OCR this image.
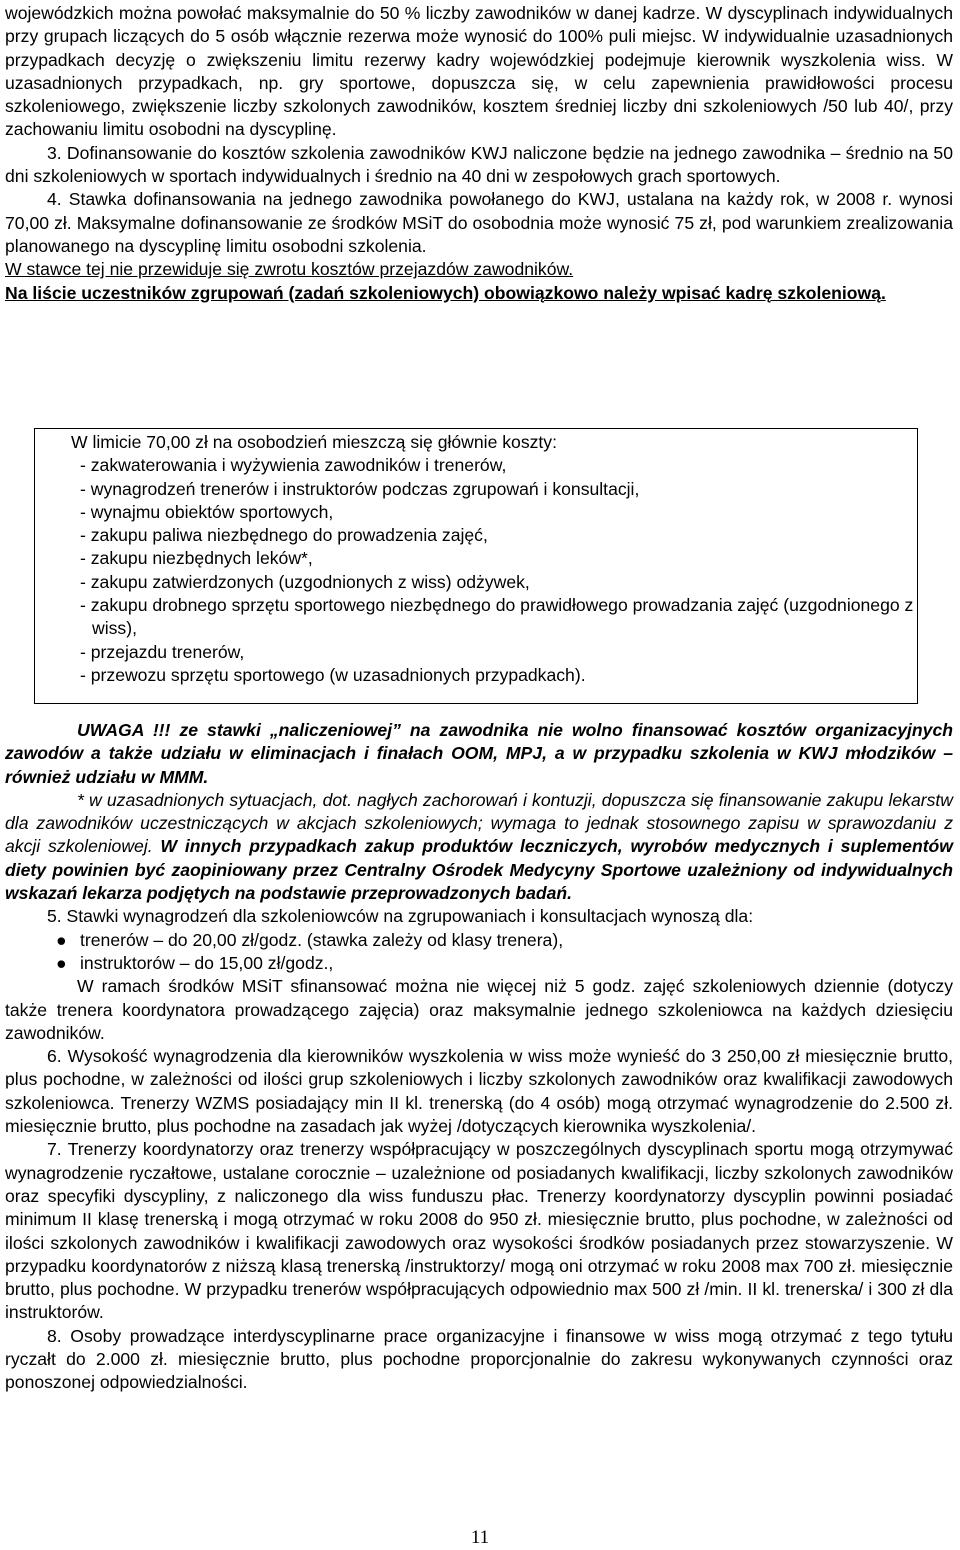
wojewódzkich można powołać maksymalnie do 50 % liczby zawodników w danej kadrze. W dyscyplinach indywidualnych przy grupach liczących do 5 osób włącznie rezerwa może wynosić do 100% puli miejsc. W indywidualnie uzasadnionych przypadkach decyzję o zwiększeniu limitu rezerwy kadry wojewódzkiej podejmuje kierownik wyszkolenia wiss. W uzasadnionych przypadkach, np. gry sportowe, dopuszcza się, w celu zapewnienia prawidłowości procesu szkoleniowego, zwiększenie liczby szkolonych zawodników, kosztem średniej liczby dni szkoleniowych /50 lub 40/, przy zachowaniu limitu osobodni na dyscyplinę.

3. Dofinansowanie do kosztów szkolenia zawodników KWJ naliczone będzie na jednego zawodnika – średnio na 50 dni szkoleniowych w sportach indywidualnych i średnio na 40 dni w zespołowych grach sportowych.

4. Stawka dofinansowania na jednego zawodnika powołanego do KWJ, ustalana na każdy rok, w 2008 r. wynosi 70,00 zł. Maksymalne dofinansowanie ze środków MSiT do osobodnia może wynosić 75 zł, pod warunkiem zrealizowania planowanego na dyscyplinę limitu osobodni szkolenia.

W stawce tej nie przewiduje się zwrotu kosztów przejazdów zawodników.

Na liście uczestników zgrupowań (zadań szkoleniowych) obowiązkowo należy wpisać kadrę szkoleniową.

W limicie 70,00 zł na osobodzień mieszczą się głównie koszty:

- zakwaterowania i wyżywienia zawodników i trenerów,
- wynagrodzeń trenerów i instruktorów podczas zgrupowań i konsultacji,
- wynajmu obiektów sportowych,
- zakupu paliwa niezbędnego do prowadzenia zajęć,
- zakupu niezbędnych leków*,
- zakupu zatwierdzonych (uzgodnionych z wiss) odżywek,
- zakupu drobnego sprzętu sportowego niezbędnego do prawidłowego prowadzania zajęć (uzgodnionego z wiss),
- przejazdu trenerów,
- przewozu sprzętu sportowego (w uzasadnionych przypadkach).

UWAGA !!! ze stawki „naliczeniowej” na zawodnika nie wolno finansować kosztów organizacyjnych zawodów a także udziału w eliminacjach i finałach OOM, MPJ, a w przypadku szkolenia w KWJ młodzików – również udziału w MMM.

* w uzasadnionych sytuacjach, dot. nagłych zachorowań i kontuzji, dopuszcza się finansowanie zakupu lekarstw dla zawodników uczestniczących w akcjach szkoleniowych; wymaga to jednak stosownego zapisu w sprawozdaniu z akcji szkoleniowej. W innych przypadkach zakup produktów leczniczych, wyrobów medycznych i suplementów diety powinien być zaopiniowany przez Centralny Ośrodek Medycyny Sportowe uzależniony od indywidualnych wskazań lekarza podjętych na podstawie przeprowadzonych badań.

5. Stawki wynagrodzeń dla szkoleniowców na zgrupowaniach i konsultacjach wynoszą dla:

● trenerów – do 20,00 zł/godz. (stawka zależy od klasy trenera),
● instruktorów – do 15,00 zł/godz.,

W ramach środków MSiT sfinansować można nie więcej niż 5 godz. zajęć szkoleniowych dziennie (dotyczy także trenera koordynatora prowadzącego zajęcia) oraz maksymalnie jednego szkoleniowca na każdych dziesięciu zawodników.

6. Wysokość wynagrodzenia dla kierowników wyszkolenia w wiss może wynieść do 3 250,00 zł miesięcznie brutto, plus pochodne, w zależności od ilości grup szkoleniowych i liczby szkolonych zawodników oraz kwalifikacji zawodowych szkoleniowca. Trenerzy WZMS posiadający min II kl. trenerską (do 4 osób) mogą otrzymać wynagrodzenie do 2.500 zł. miesięcznie brutto, plus pochodne na zasadach jak wyżej /dotyczących kierownika wyszkolenia/.

7. Trenerzy koordynatorzy oraz trenerzy współpracujący w poszczególnych dyscyplinach sportu mogą otrzymywać wynagrodzenie ryczałtowe, ustalane corocznie – uzależnione od posiadanych kwalifikacji, liczby szkolonych zawodników oraz specyfiki dyscypliny, z naliczonego dla wiss funduszu płac. Trenerzy koordynatorzy dyscyplin powinni posiadać minimum II klasę trenerską i mogą otrzymać w roku 2008 do 950 zł. miesięcznie brutto, plus pochodne, w zależności od ilości szkolonych zawodników i kwalifikacji zawodowych oraz wysokości środków posiadanych przez stowarzyszenie. W przypadku koordynatorów z niższą klasą trenerską /instruktorzy/ mogą oni otrzymać w roku 2008 max 700 zł. miesięcznie brutto, plus pochodne. W przypadku trenerów współpracujących odpowiednio max 500 zł /min. II kl. trenerska/ i 300 zł dla instruktorów.

8. Osoby prowadzące interdyscyplinarne prace organizacyjne i finansowe w wiss mogą otrzymać z tego tytułu ryczałt do 2.000 zł. miesięcznie brutto, plus pochodne proporcjonalnie do zakresu wykonywanych czynności oraz ponoszonej odpowiedzialności.

11
